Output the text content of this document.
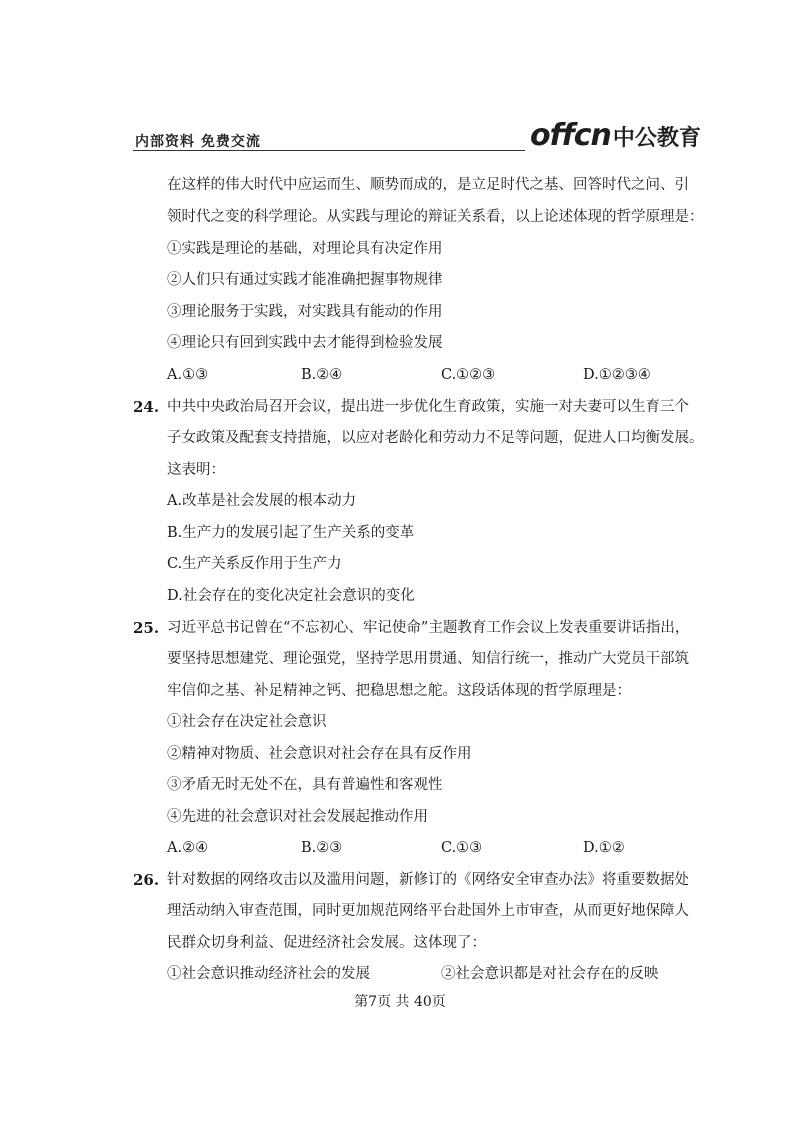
内部资料 免费交流	offcn 中公教育
在这样的伟大时代中应运而生、顺势而成的，是立足时代之基、回答时代之问、引
领时代之变的科学理论。从实践与理论的辩证关系看，以上论述体现的哲学原理是：
①实践是理论的基础，对理论具有决定作用
②人们只有通过实践才能准确把握事物规律
③理论服务于实践，对实践具有能动的作用
④理论只有回到实践中去才能得到检验发展
A.①③	B.②④	C.①②③	D.①②③④
24. 中共中央政治局召开会议，提出进一步优化生育政策，实施一对夫妻可以生育三个
子女政策及配套支持措施，以应对老龄化和劳动力不足等问题，促进人口均衡发展。
这表明：
A.改革是社会发展的根本动力
B.生产力的发展引起了生产关系的变革
C.生产关系反作用于生产力
D.社会存在的变化决定社会意识的变化
25. 习近平总书记曾在“不忘初心、牢记使命”主题教育工作会议上发表重要讲话指出，
要坚持思想建党、理论强党，坚持学思用贯通、知信行统一，推动广大党员干部筑
牢信仰之基、补足精神之钙、把稳思想之舵。这段话体现的哲学原理是：
①社会存在决定社会意识
②精神对物质、社会意识对社会存在具有反作用
③矛盾无时无处不在，具有普遍性和客观性
④先进的社会意识对社会发展起推动作用
A.②④	B.②③	C.①③	D.①②
26. 针对数据的网络攻击以及滥用问题，新修订的《网络安全审查办法》将重要数据处
理活动纳入审查范围，同时更加规范网络平台赴国外上市审查，从而更好地保障人
民群众切身利益、促进经济社会发展。这体现了：
①社会意识推动经济社会的发展	②社会意识都是对社会存在的反映
第7页 共 40页
